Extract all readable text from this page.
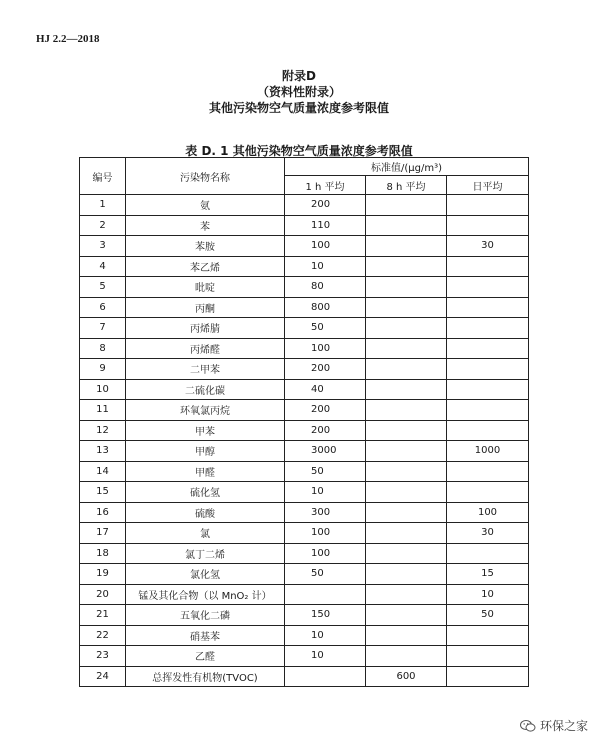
HJ 2.2—2018
附录D
（资料性附录）
其他污染物空气质量浓度参考限值
表 D. 1 其他污染物空气质量浓度参考限值
编号	污染物名称	标准值/(μg/m³)		
		1 h 平均	8 h 平均	日平均
1	氨	200		
2	苯	110		
3	苯胺	100		30
4	苯乙烯	10		
5	吡啶	80		
6	丙酮	800		
7	丙烯腈	50		
8	丙烯醛	100		
9	二甲苯	200		
10	二硫化碳	40		
11	环氧氯丙烷	200		
12	甲苯	200		
13	甲醇	3000		1000
14	甲醛	50		
15	硫化氢	10		
16	硫酸	300		100
17	氯	100		30
18	氯丁二烯	100		
19	氯化氢	50		15
20	锰及其化合物（以 MnO₂ 计）			10
21	五氧化二磷	150		50
22	硝基苯	10		
23	乙醛	10		
24	总挥发性有机物(TVOC)		600	
环保之家
